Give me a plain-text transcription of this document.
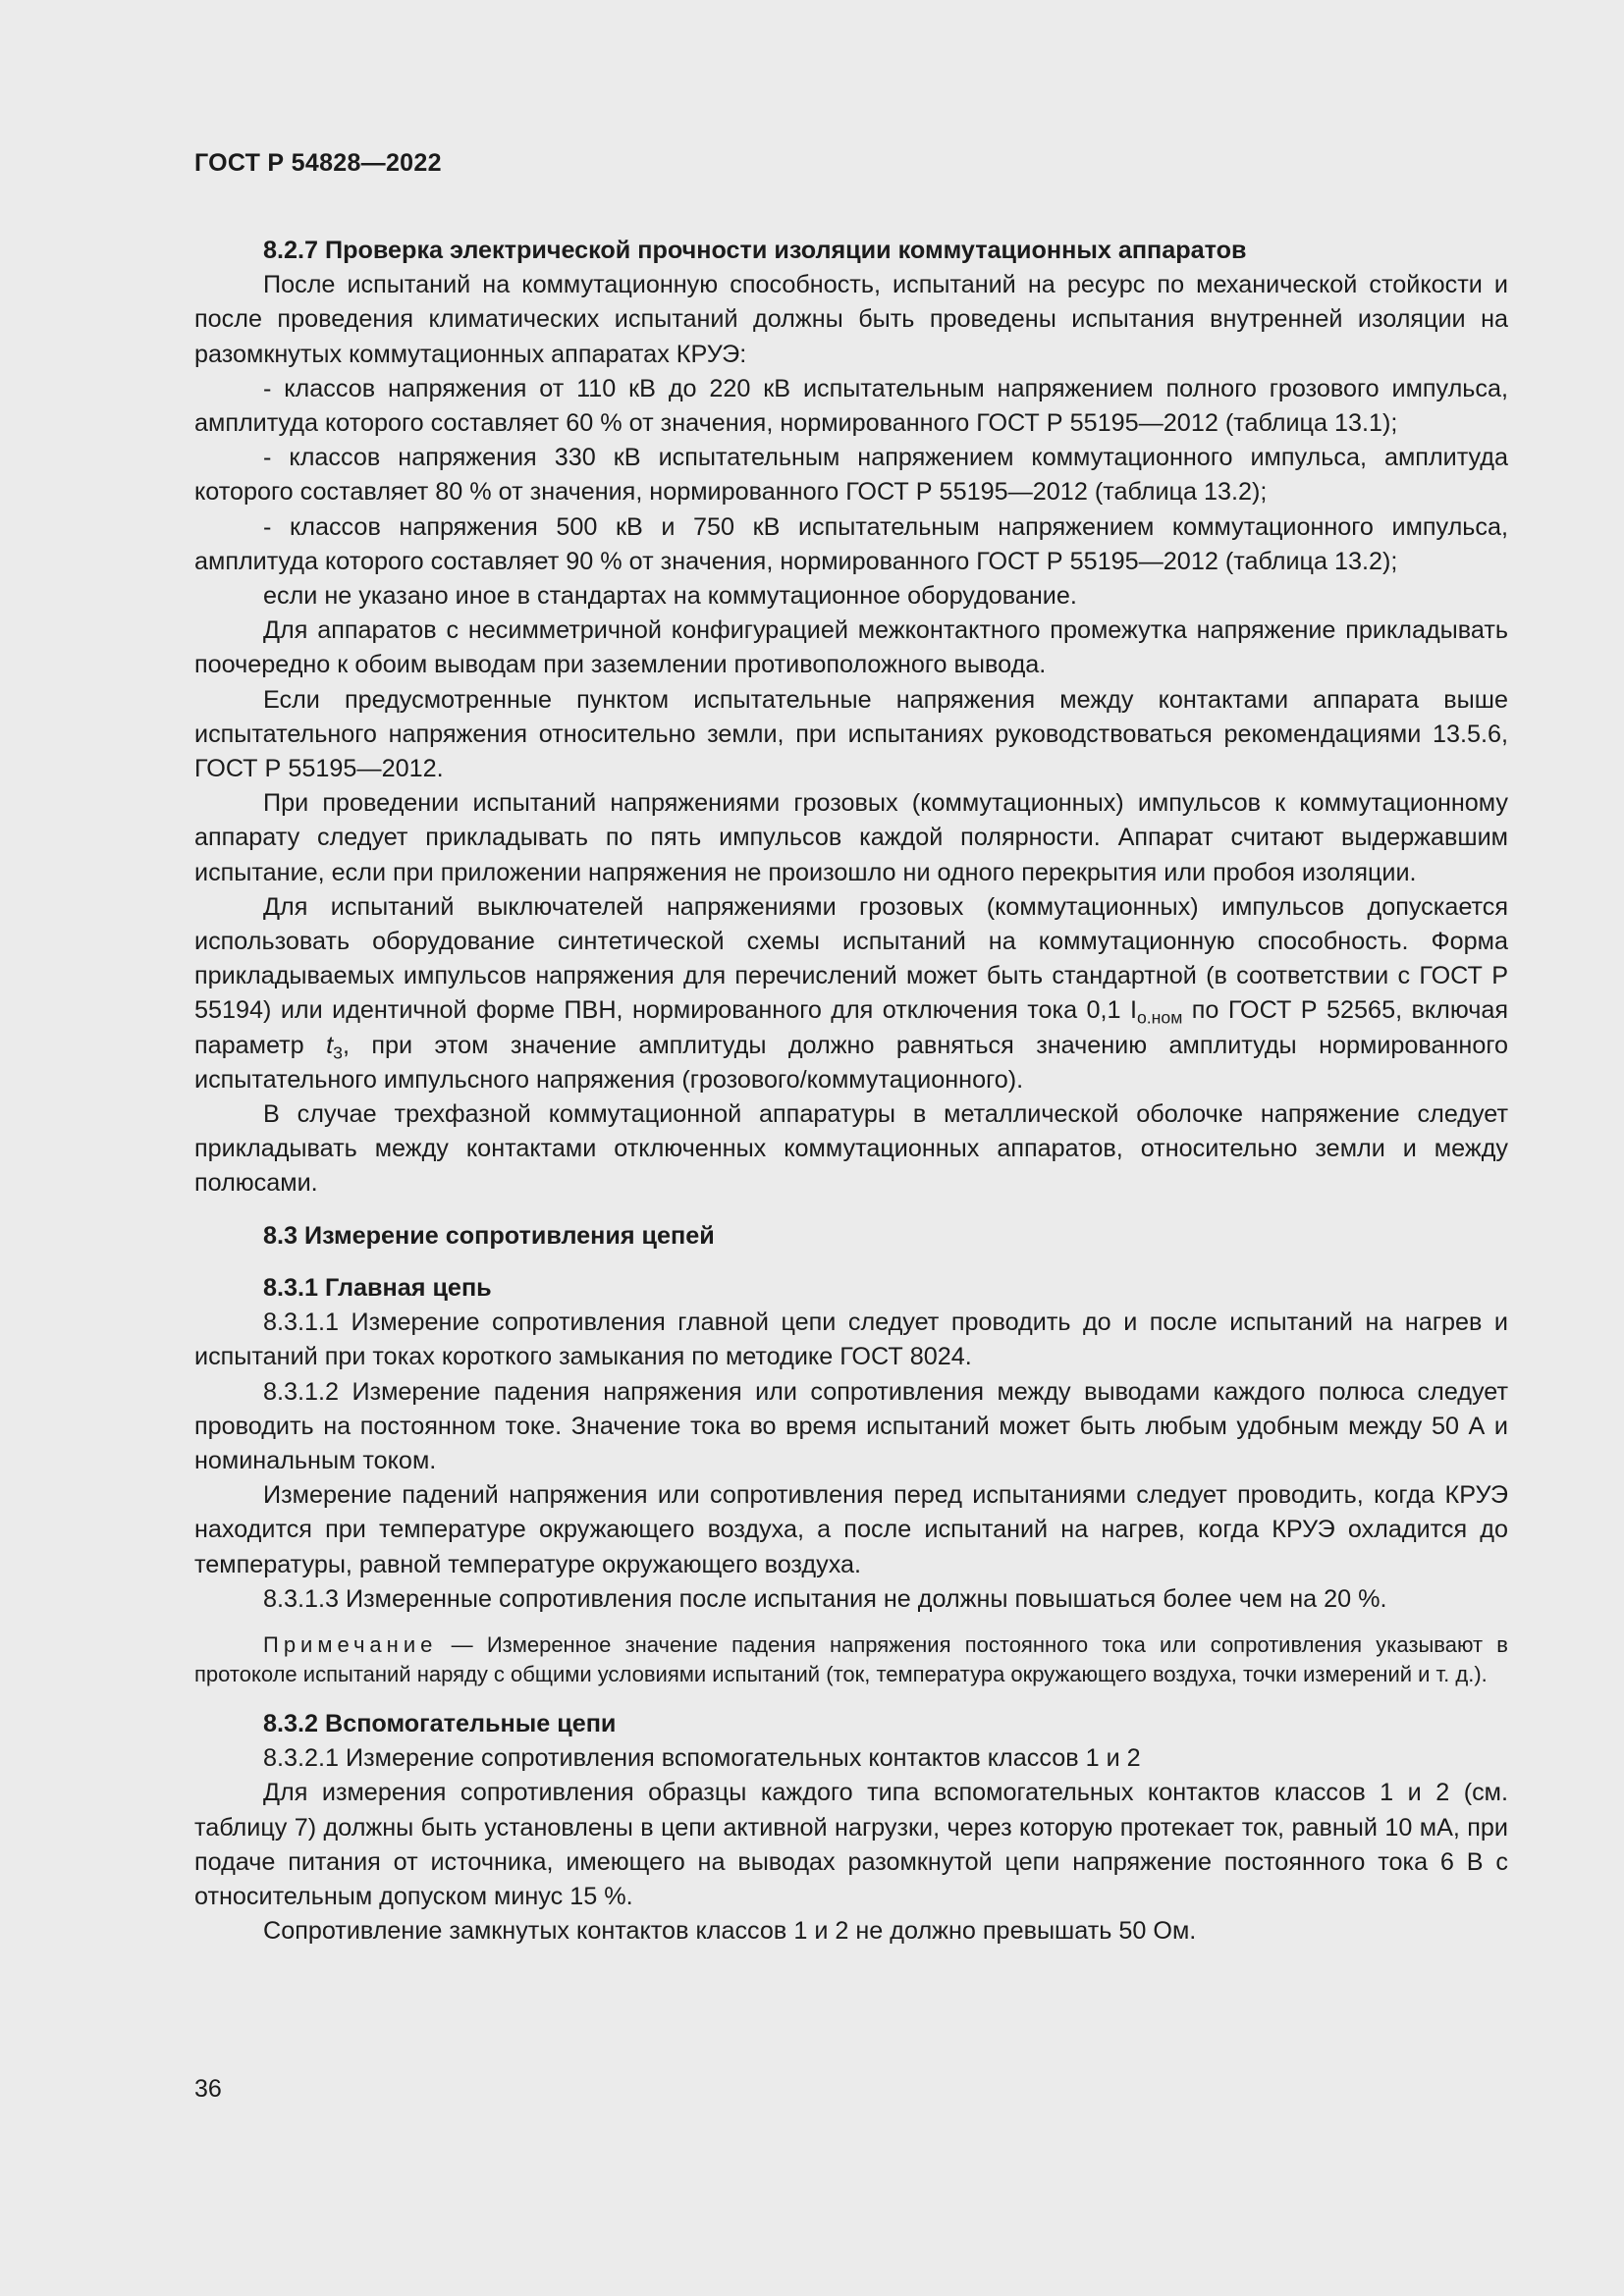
ГОСТ Р 54828—2022

8.2.7 Проверка электрической прочности изоляции коммутационных аппаратов

После испытаний на коммутационную способность, испытаний на ресурс по механической стойкости и после проведения климатических испытаний должны быть проведены испытания внутренней изоляции на разомкнутых коммутационных аппаратах КРУЭ:

- классов напряжения от 110 кВ до 220 кВ испытательным напряжением полного грозового импульса, амплитуда которого составляет 60 % от значения, нормированного ГОСТ Р 55195—2012 (таблица 13.1);

- классов напряжения 330 кВ испытательным напряжением коммутационного импульса, амплитуда которого составляет 80 % от значения, нормированного ГОСТ Р 55195—2012 (таблица 13.2);

- классов напряжения 500 кВ и 750 кВ испытательным напряжением коммутационного импульса, амплитуда которого составляет 90 % от значения, нормированного ГОСТ Р 55195—2012 (таблица 13.2);

если не указано иное в стандартах на коммутационное оборудование.

Для аппаратов с несимметричной конфигурацией межконтактного промежутка напряжение прикладывать поочередно к обоим выводам при заземлении противоположного вывода.

Если предусмотренные пунктом испытательные напряжения между контактами аппарата выше испытательного напряжения относительно земли, при испытаниях руководствоваться рекомендациями 13.5.6, ГОСТ Р 55195—2012.

При проведении испытаний напряжениями грозовых (коммутационных) импульсов к коммутационному аппарату следует прикладывать по пять импульсов каждой полярности. Аппарат считают выдержавшим испытание, если при приложении напряжения не произошло ни одного перекрытия или пробоя изоляции.

Для испытаний выключателей напряжениями грозовых (коммутационных) импульсов допускается использовать оборудование синтетической схемы испытаний на коммутационную способность. Форма прикладываемых импульсов напряжения для перечислений может быть стандартной (в соответствии с ГОСТ Р 55194) или идентичной форме ПВН, нормированного для отключения тока 0,1 $I_{о.ном}$ по ГОСТ Р 52565, включая параметр $t_3$, при этом значение амплитуды должно равняться значению амплитуды нормированного испытательного импульсного напряжения (грозового/коммутационного).

В случае трехфазной коммутационной аппаратуры в металлической оболочке напряжение следует прикладывать между контактами отключенных коммутационных аппаратов, относительно земли и между полюсами.

8.3 Измерение сопротивления цепей

8.3.1 Главная цепь

8.3.1.1 Измерение сопротивления главной цепи следует проводить до и после испытаний на нагрев и испытаний при токах короткого замыкания по методике ГОСТ 8024.

8.3.1.2 Измерение падения напряжения или сопротивления между выводами каждого полюса следует проводить на постоянном токе. Значение тока во время испытаний может быть любым удобным между 50 А и номинальным током.

Измерение падений напряжения или сопротивления перед испытаниями следует проводить, когда КРУЭ находится при температуре окружающего воздуха, а после испытаний на нагрев, когда КРУЭ охладится до температуры, равной температуре окружающего воздуха.

8.3.1.3 Измеренные сопротивления после испытания не должны повышаться более чем на 20 %.

Примечание — Измеренное значение падения напряжения постоянного тока или сопротивления указывают в протоколе испытаний наряду с общими условиями испытаний (ток, температура окружающего воздуха, точки измерений и т. д.).

8.3.2 Вспомогательные цепи

8.3.2.1 Измерение сопротивления вспомогательных контактов классов 1 и 2

Для измерения сопротивления образцы каждого типа вспомогательных контактов классов 1 и 2 (см. таблицу 7) должны быть установлены в цепи активной нагрузки, через которую протекает ток, равный 10 мА, при подаче питания от источника, имеющего на выводах разомкнутой цепи напряжение постоянного тока 6 В с относительным допуском минус 15 %.

Сопротивление замкнутых контактов классов 1 и 2 не должно превышать 50 Ом.

36
